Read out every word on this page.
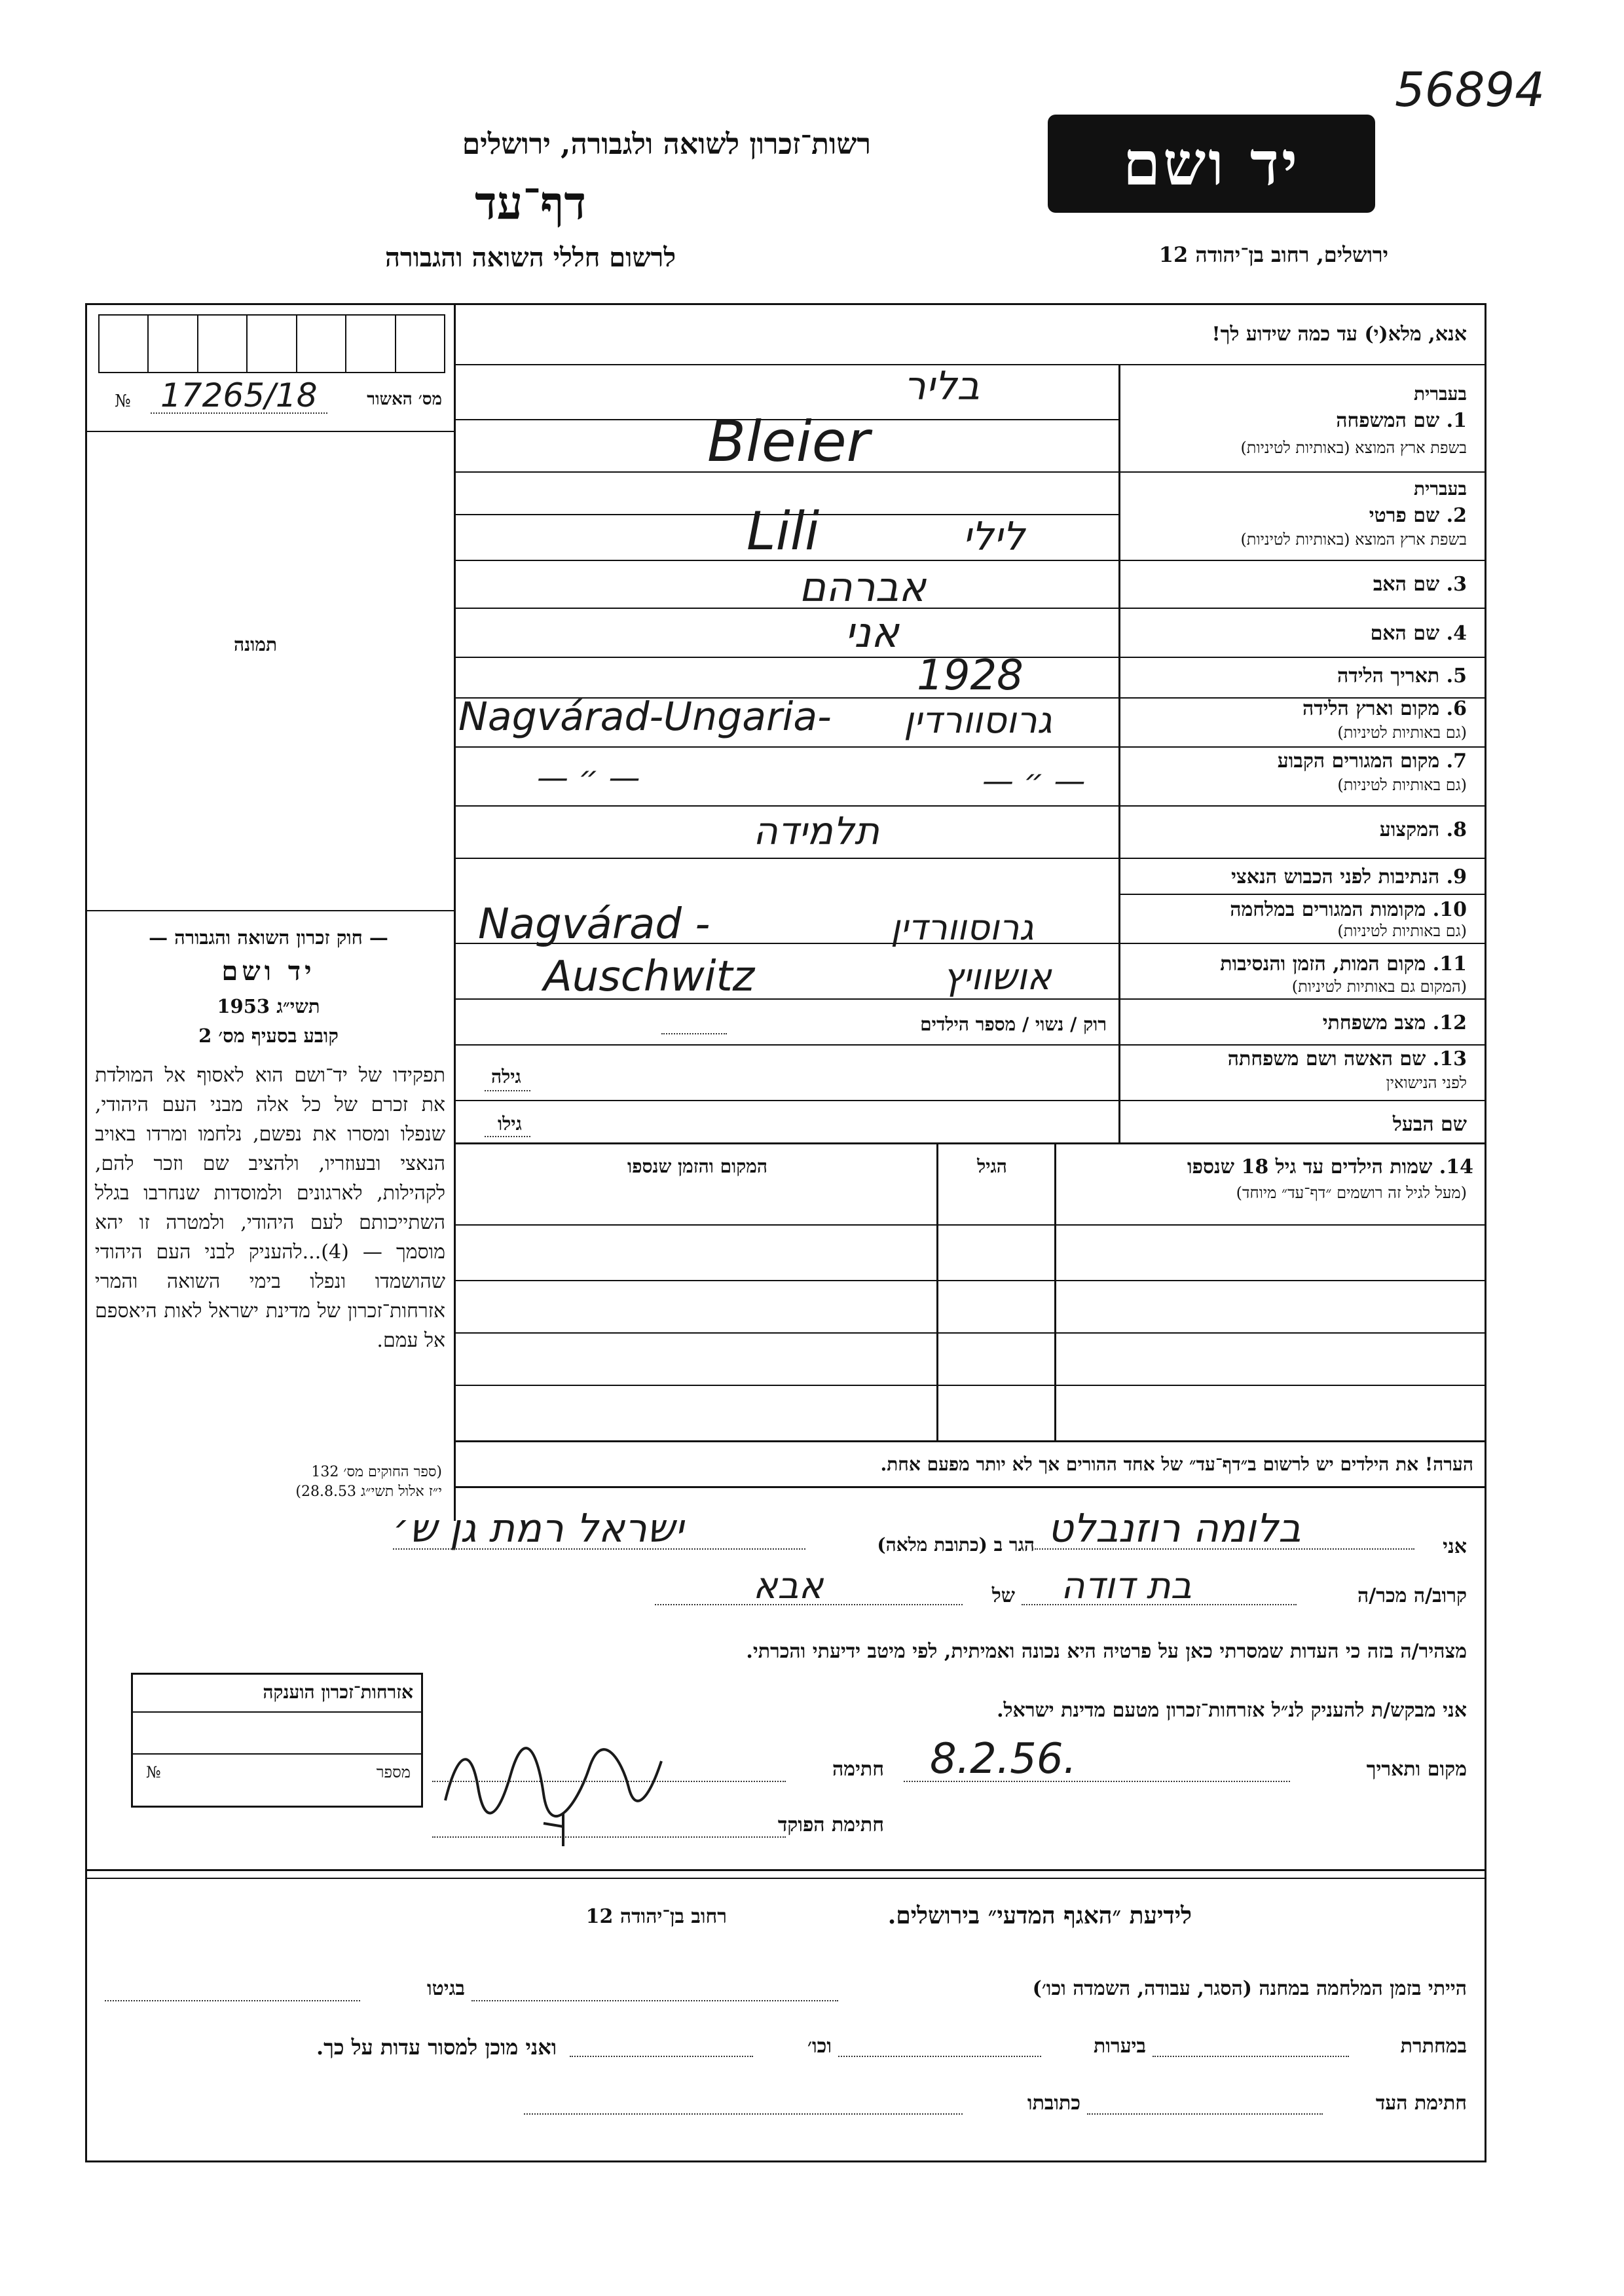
56894
יד ושם
רשות־זכרון לשואה ולגבורה, ירושלים
דף־עד
לרשום חללי השואה והגבורה	ירושלים, רחוב בן־יהודה 12
№ 17265/18	מס׳ האשור
תמונה
— חוק זכרון השואה והגבורה —
יד ושם
תשי״ג 1953
קובע בסעיף מס׳ 2
תפקידו של יד־ושם הוא לאסוף אל המולדת את זכרם של כל אלה מבני העם היהודי, שנפלו ומסרו את נפשם, נלחמו ומרדו באויב הנאצי ובעוזריו, ולהציב שם וזכר להם, לקהילות, לארגונים ולמוסדות שנחרבו בגלל השתייכותם לעם היהודי, ולמטרה זו יהא מוסמך — (4)...להעניק לבני העם היהודי שהושמדו ונפלו בימי השואה והמרי אזרחות־זכרון של מדינת ישראל לאות היאספם אל עמם.
(ספר החוקים מס׳ 132
י״ז אלול תשי״ג 28.8.53)
אנא, מלא(י) עד כמה שידוע לך!
בעברית
1. שם המשפחה
בשפת ארץ המוצא (באותיות לטיניות)
בליר
Bleier
בעברית
2. שם פרטי
בשפת ארץ המוצא (באותיות לטיניות)
לילי
Lili
3. שם האב
אברהם
4. שם האם
אני
5. תאריך הלידה
1928
6. מקום וארץ הלידה
(גם באותיות לטיניות)
Nagvárad-Ungaria- גרוסוורדין
7. מקום המגורים הקבוע
(גם באותיות לטיניות)
— ״ —	— ״ —
8. המקצוע
תלמידה
9. הנתיבות לפני הכבוש הנאצי
10. מקומות המגורים במלחמה
(גם באותיות לטיניות)
Nagvárad -	גרוסוורדין
11. מקום המות, הזמן והנסיבות
(המקום גם באותיות לטיניות)
Auschwitz	אושוויץ
12. מצב משפחתי
רוק / נשוי / מספר הילדים
13. שם האשה ושם משפחתה
לפני הנישואין
גילה
שם הבעל
גילו
14. שמות הילדים עד גיל 18 שנספו
(מעל לגיל זה רושמים ״דף־עד״ מיוחד)
הגיל
המקום והזמן שנספו
הערה! את הילדים יש לרשום ב״דף־עד״ של אחד ההורים אך לא יותר מפעם אחת.
אני
בלומה רוזנבלט
הגר ב (כתובת מלאה)
ישראל רמת גן ש׳
קרוב/ה מכר/ה
בת דודה
של
אבא
מצהיר/ה בזה כי העדות שמסרתי כאן על פרטיה היא נכונה ואמיתית, לפי מיטב ידיעתי והכרתי.
אני מבקש/ת להעניק לנ״ל אזרחות־זכרון מטעם מדינת ישראל.
מקום ותאריך
8.2.56.
חתימה
חתימת הפוקד
אזרחות־זכרון הוענקה
מספר
№
לידיעת ״האגף המדעי״ בירושלים.
רחוב בן־יהודה 12
הייתי בזמן המלחמה במחנה (הסגר, עבודה, השמדה וכו׳)
בגיטו
במחתרת
ביערות
וכו׳
ואני מוכן למסור עדות על כך.
חתימת העד
כתובתו
